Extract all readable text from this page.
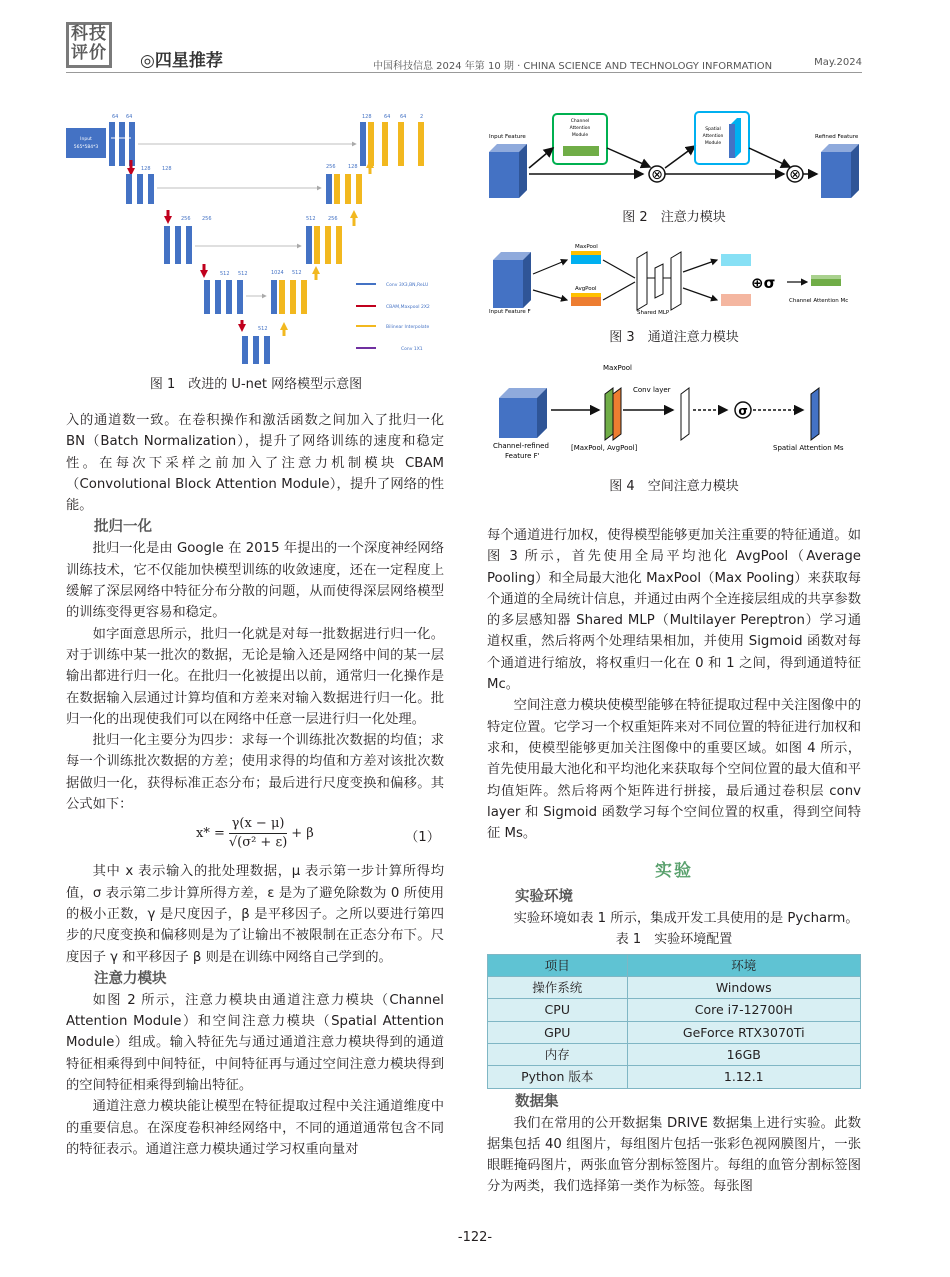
科技
评价 ◎四星推荐	中国科技信息 2024 年第 10 期 · CHINA SCIENCE AND TECHNOLOGY INFORMATION	May.2024
Input
565*584*3
64 64
128 128
256 256
512 512
512
1024 512
512 256
256 128
128 64 64	2
Conv 3X3,BN,ReLU
CBAM,Maxpool 2X2
Bilinear Interpolate
Conv 1X1
图 1　改进的 U-net 网络模型示意图
Input Feature
Channel
Attention
Module
⊗
Spatial
Attention
Module
⊗
Refined Feature
图 2　注意力模块
Input Feature F
MaxPool
AvgPool
Shared MLP
⊕σ
Channel Attention Mc
图 3　通道注意力模块
Channel-refined
Feature F'
MaxPool
[MaxPool, AvgPool]
Conv layer
σ
Spatial Attention Ms
图 4　空间注意力模块

入的通道数一致。在卷积操作和激活函数之间加入了批归一化 BN（Batch Normalization），提升了网络训练的速度和稳定性。在每次下采样之前加入了注意力机制模块 CBAM（Convolutional Block Attention Module），提升了网络的性能。

批归一化

批归一化是由 Google 在 2015 年提出的一个深度神经网络训练技术，它不仅能加快模型训练的收敛速度，还在一定程度上缓解了深层网络中特征分布分散的问题，从而使得深层网络模型的训练变得更容易和稳定。

如字面意思所示，批归一化就是对每一批数据进行归一化。对于训练中某一批次的数据，无论是输入还是网络中间的某一层输出都进行归一化。在批归一化被提出以前，通常归一化操作是在数据输入层通过计算均值和方差来对输入数据进行归一化。批归一化的出现使我们可以在网络中任意一层进行归一化处理。

批归一化主要分为四步：求每一个训练批次数据的均值；求每一个训练批次数据的方差；使用求得的均值和方差对该批次数据做归一化，获得标准正态分布；最后进行尺度变换和偏移。其公式如下：

x* =	
γ(x − μ)
√(σ² + ε)
	+ β	（1）

其中 x 表示输入的批处理数据，μ 表示第一步计算所得均值，σ 表示第二步计算所得方差，ε 是为了避免除数为 0 所使用的极小正数，γ 是尺度因子，β 是平移因子。之所以要进行第四步的尺度变换和偏移则是为了让输出不被限制在正态分布下。尺度因子 γ 和平移因子 β 则是在训练中网络自己学到的。

注意力模块

如图 2 所示，注意力模块由通道注意力模块（Channel Attention Module）和空间注意力模块（Spatial Attention Module）组成。输入特征先与通过通道注意力模块得到的通道特征相乘得到中间特征，中间特征再与通过空间注意力模块得到的空间特征相乘得到输出特征。

通道注意力模块能让模型在特征提取过程中关注通道维度中的重要信息。在深度卷积神经网络中，不同的通道通常包含不同的特征表示。通道注意力模块通过学习权重向量对

每个通道进行加权，使得模型能够更加关注重要的特征通道。如图 3 所示，首先使用全局平均池化 AvgPool（Average Pooling）和全局最大池化 MaxPool（Max Pooling）来获取每个通道的全局统计信息，并通过由两个全连接层组成的共享参数的多层感知器 Shared MLP（Multilayer Pereptron）学习通道权重，然后将两个处理结果相加，并使用 Sigmoid 函数对每个通道进行缩放，将权重归一化在 0 和 1 之间，得到通道特征 Mc。

空间注意力模块使模型能够在特征提取过程中关注图像中的特定位置。它学习一个权重矩阵来对不同位置的特征进行加权和求和，使模型能够更加关注图像中的重要区域。如图 4 所示，首先使用最大池化和平均池化来获取每个空间位置的最大值和平均值矩阵。然后将两个矩阵进行拼接，最后通过卷积层 conv layer 和 Sigmoid 函数学习每个空间位置的权重，得到空间特征 Ms。

实验
实验环境

实验环境如表 1 所示，集成开发工具使用的是 Pycharm。

表 1　实验环境配置
项目	环境
操作系统	Windows
CPU	Core i7-12700H
GPU	GeForce RTX3070Ti
内存	16GB
Python 版本	1.12.1
数据集

我们在常用的公开数据集 DRIVE 数据集上进行实验。此数据集包括 40 组图片，每组图片包括一张彩色视网膜图片，一张眼睚掩码图片，两张血管分割标签图片。每组的血管分割标签图分为两类，我们选择第一类作为标签。每张图

-122-
